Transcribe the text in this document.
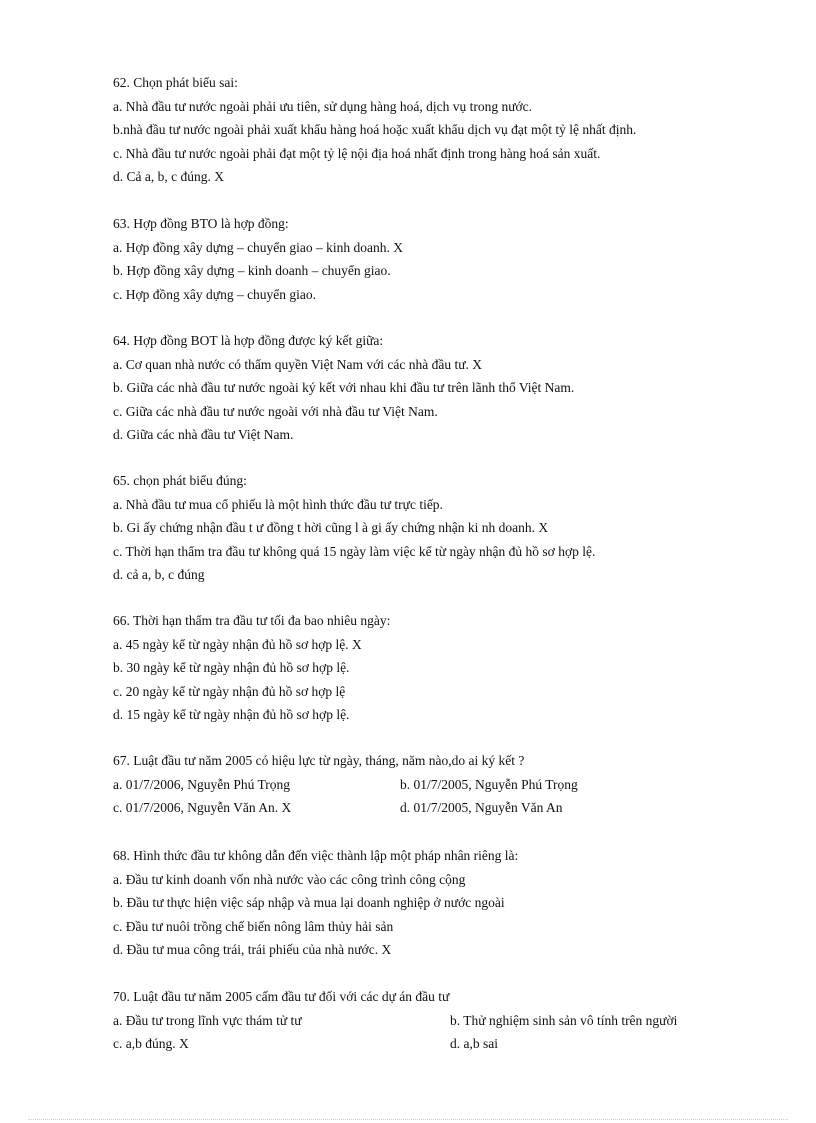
62. Chọn phát biểu sai:
a. Nhà đầu tư nước ngoài phải ưu tiên, sử dụng hàng hoá, dịch vụ trong nước.
b.nhà đầu tư nước ngoài phải xuất khẩu hàng hoá hoặc xuất khẩu dịch vụ đạt một tỷ lệ nhất định.
c. Nhà đầu tư nước ngoài phải đạt một tỷ lệ nội địa hoá nhất định trong hàng hoá sản xuất.
d. Cả a, b, c đúng. X
63. Hợp đồng BTO là hợp đồng:
a. Hợp đồng xây dựng – chuyển giao – kinh doanh. X
b. Hợp đồng xây dựng – kinh doanh – chuyển giao.
c. Hợp đồng xây dựng – chuyển giao.
64. Hợp đồng BOT là hợp đồng được ký kết giữa:
a. Cơ quan nhà nước có thẩm quyền Việt Nam với các nhà đầu tư. X
b. Giữa các nhà đầu tư nước ngoài ký kết với nhau khi đầu tư trên lãnh thổ Việt Nam.
c. Giữa các nhà đầu tư nước ngoài với nhà đầu tư Việt Nam.
d. Giữa các nhà đầu tư Việt Nam.
65. chọn phát biểu đúng:
a. Nhà đầu tư mua cổ phiếu là một hình thức đầu tư trực tiếp.
b. Gi ấy chứng nhận đầu t ư đồng t hời cũng l à gi ấy chứng nhận ki nh doanh. X
c. Thời hạn thẩm tra đầu tư không quá 15 ngày làm việc kể từ ngày nhận đủ hồ sơ hợp lệ.
d. cả a, b, c đúng
66. Thời hạn thẩm tra đầu tư tối đa bao nhiêu ngày:
a. 45 ngày kể từ ngày nhận đủ hồ sơ hợp lệ. X
b. 30 ngày kể từ ngày nhận đủ hồ sơ hợp lệ.
c. 20 ngày kể từ ngày nhận đủ hồ sơ hợp lệ
d. 15 ngày kể từ ngày nhận đủ hồ sơ hợp lệ.
67. Luật đầu tư năm 2005 có hiệu lực từ ngày, tháng, năm nào,do ai ký kết ?
a. 01/7/2006, Nguyễn Phú Trọng	b. 01/7/2005, Nguyễn Phú Trọng
c. 01/7/2006, Nguyễn Văn An. X	d. 01/7/2005, Nguyễn Văn An
68. Hình thức đầu tư không dẫn đến việc thành lập một pháp nhân riêng là:
a. Đầu tư kinh doanh vốn nhà nước vào các công trình công cộng
b. Đầu tư thực hiện việc sáp nhập và mua lại doanh nghiệp ở nước ngoài
c. Đầu tư nuôi trồng chế biến nông lâm thủy hải sản
d. Đầu tư mua công trái, trái phiếu của nhà nước. X
70. Luật đầu tư năm 2005 cấm đầu tư đối với các dự án đầu tư
a. Đầu tư trong lĩnh vực thám tử tư	b. Thử nghiệm sinh sản vô tính trên người
c. a,b đúng. X	d. a,b sai
